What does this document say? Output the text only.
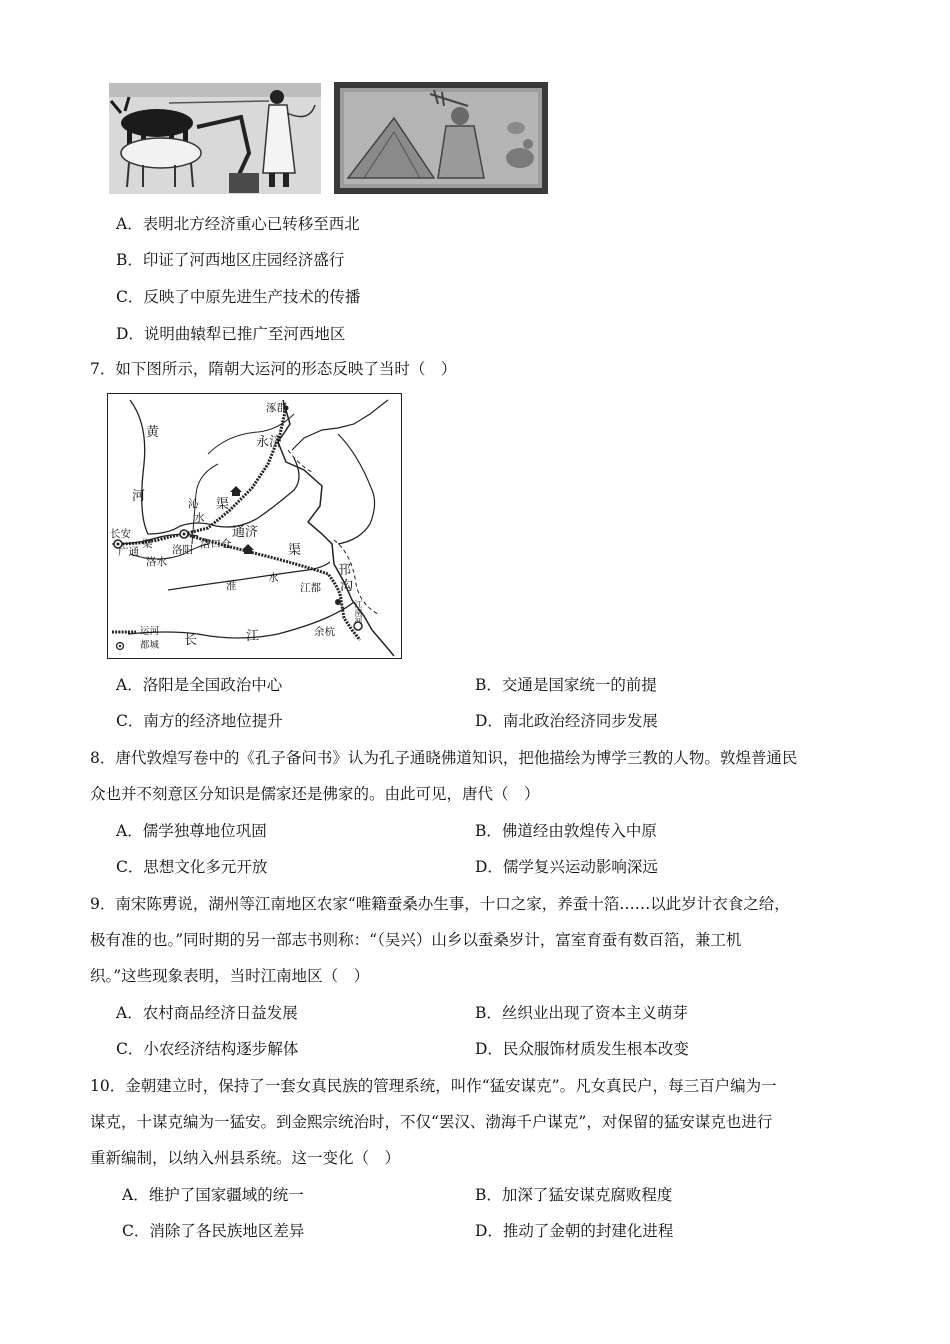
A．表明北方经济重心已转移至西北
B．印证了河西地区庄园经济盛行
C．反映了中原先进生产技术的传播
D．说明曲辕犁已推广至河西地区
7．如下图所示，隋朝大运河的形态反映了当时（　）
涿郡
永济
渠
黄
河	沁
水
长安
广通
渠 洛阳 洛口仓
通济
渠
洛水
淮
水	邗
沟
江都
江南河
余杭
长	江
运河
都城
A．洛阳是全国政治中心	B．交通是国家统一的前提
C．南方的经济地位提升	D．南北政治经济同步发展
8．唐代敦煌写卷中的《孔子备问书》认为孔子通晓佛道知识，把他描绘为博学三教的人物。敦煌普通民
众也并不刻意区分知识是儒家还是佛家的。由此可见，唐代（　）
A．儒学独尊地位巩固	B．佛道经由敦煌传入中原
C．思想文化多元开放	D．儒学复兴运动影响深远
9．南宋陈旉说，湖州等江南地区农家“唯籍蚕桑办生事，十口之家，养蚕十箔……以此岁计衣食之给，
极有准的也。”同时期的另一部志书则称：“（吴兴）山乡以蚕桑岁计，富室育蚕有数百箔，兼工机
织。”这些现象表明，当时江南地区（　）
A．农村商品经济日益发展	B．丝织业出现了资本主义萌芽
C．小农经济结构逐步解体	D．民众服饰材质发生根本改变
10．金朝建立时，保持了一套女真民族的管理系统，叫作“猛安谋克”。凡女真民户，每三百户编为一
谋克，十谋克编为一猛安。到金熙宗统治时，不仅“罢汉、渤海千户谋克”，对保留的猛安谋克也进行
重新编制，以纳入州县系统。这一变化（　）
A．维护了国家疆域的统一	B．加深了猛安谋克腐败程度
C．消除了各民族地区差异	D．推动了金朝的封建化进程
